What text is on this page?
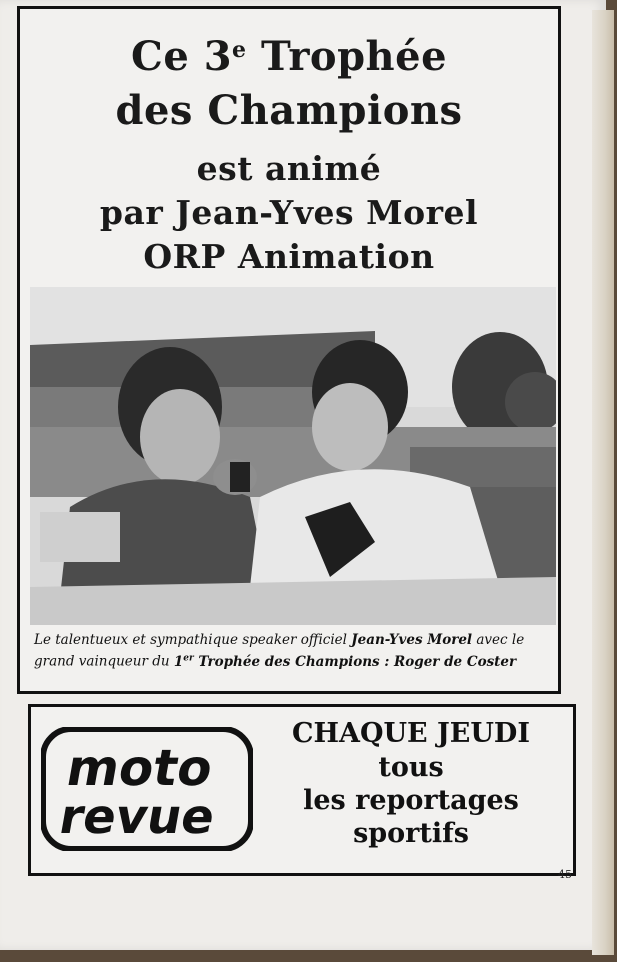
Ce 3e Trophée
des Champions
est animé
par Jean-Yves Morel
ORP Animation
Le talentueux et sympathique speaker officiel Jean-Yves Morel avec le grand vainqueur du 1er Trophée des Champions : Roger de Coster
moto
revue
CHAQUE JEUDI
tous
les reportages
sportifs
45
